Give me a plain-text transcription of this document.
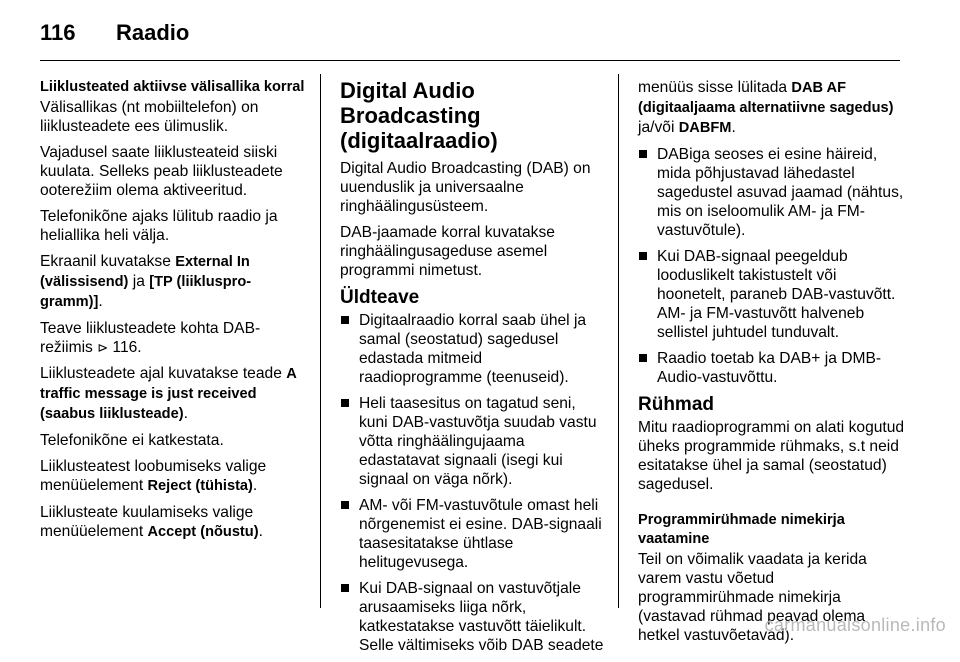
116	Raadio
Liiklusteated aktiivse välisallika korral

Välisallikas (nt mobiiltelefon) on liiklusteadete ees ülimuslik.

Vajadusel saate liiklusteateid siiski kuulata. Selleks peab liiklusteadete ooterežiim olema aktiveeritud.

Telefonikõne ajaks lülitub raadio ja heliallika heli välja.

Ekraanil kuvatakse External In (välissisend) ja [TP (liikluspro-gramm)].

Teave liiklusteadete kohta DAB-režiimis ⊳ 116.

Liiklusteadete ajal kuvatakse teade A traffic message is just received (saabus liiklusteade).

Telefonikõne ei katkestata.

Liiklusteatest loobumiseks valige menüüelement Reject (tühista).

Liiklusteate kuulamiseks valige menüüelement Accept (nõustu).

Digital Audio Broadcasting (digitaalraadio)

Digital Audio Broadcasting (DAB) on uuenduslik ja universaalne ringhäälingusüsteem.

DAB-jaamade korral kuvatakse ringhäälingusageduse asemel programmi nimetust.

Üldteave
Digitaalraadio korral saab ühel ja samal (seostatud) sagedusel edastada mitmeid raadioprogramme (teenuseid).
Heli taasesitus on tagatud seni, kuni DAB-vastuvõtja suudab vastu võtta ringhäälingujaama edastatavat signaali (isegi kui signaal on väga nõrk).
AM- või FM-vastuvõtule omast heli nõrgenemist ei esine. DAB-signaali taasesitatakse ühtlase helitugevusega.
Kui DAB-signaal on vastuvõtjale arusaamiseks liiga nõrk, katkestatakse vastuvõtt täielikult. Selle vältimiseks võib DAB seadete

menüüs sisse lülitada DAB AF (digitaaljaama alternatiivne sagedus) ja/või DABFM.

DABiga seoses ei esine häireid, mida põhjustavad lähedastel sagedustel asuvad jaamad (nähtus, mis on iseloomulik AM- ja FM-vastuvõtule).
Kui DAB-signaal peegeldub looduslikelt takistustelt või hoonetelt, paraneb DAB-vastuvõtt. AM- ja FM-vastuvõtt halveneb sellistel juhtudel tunduvalt.
Raadio toetab ka DAB+ ja DMB-Audio-vastuvõttu.
Rühmad

Mitu raadioprogrammi on alati kogutud üheks programmide rühmaks, s.t neid esitatakse ühel ja samal (seostatud) sagedusel.

Programmirühmade nimekirja vaatamine

Teil on võimalik vaadata ja kerida varem vastu võetud programmirühmade nimekirja (vastavad rühmad peavad olema hetkel vastuvõetavad).

carmanualsonline.info
